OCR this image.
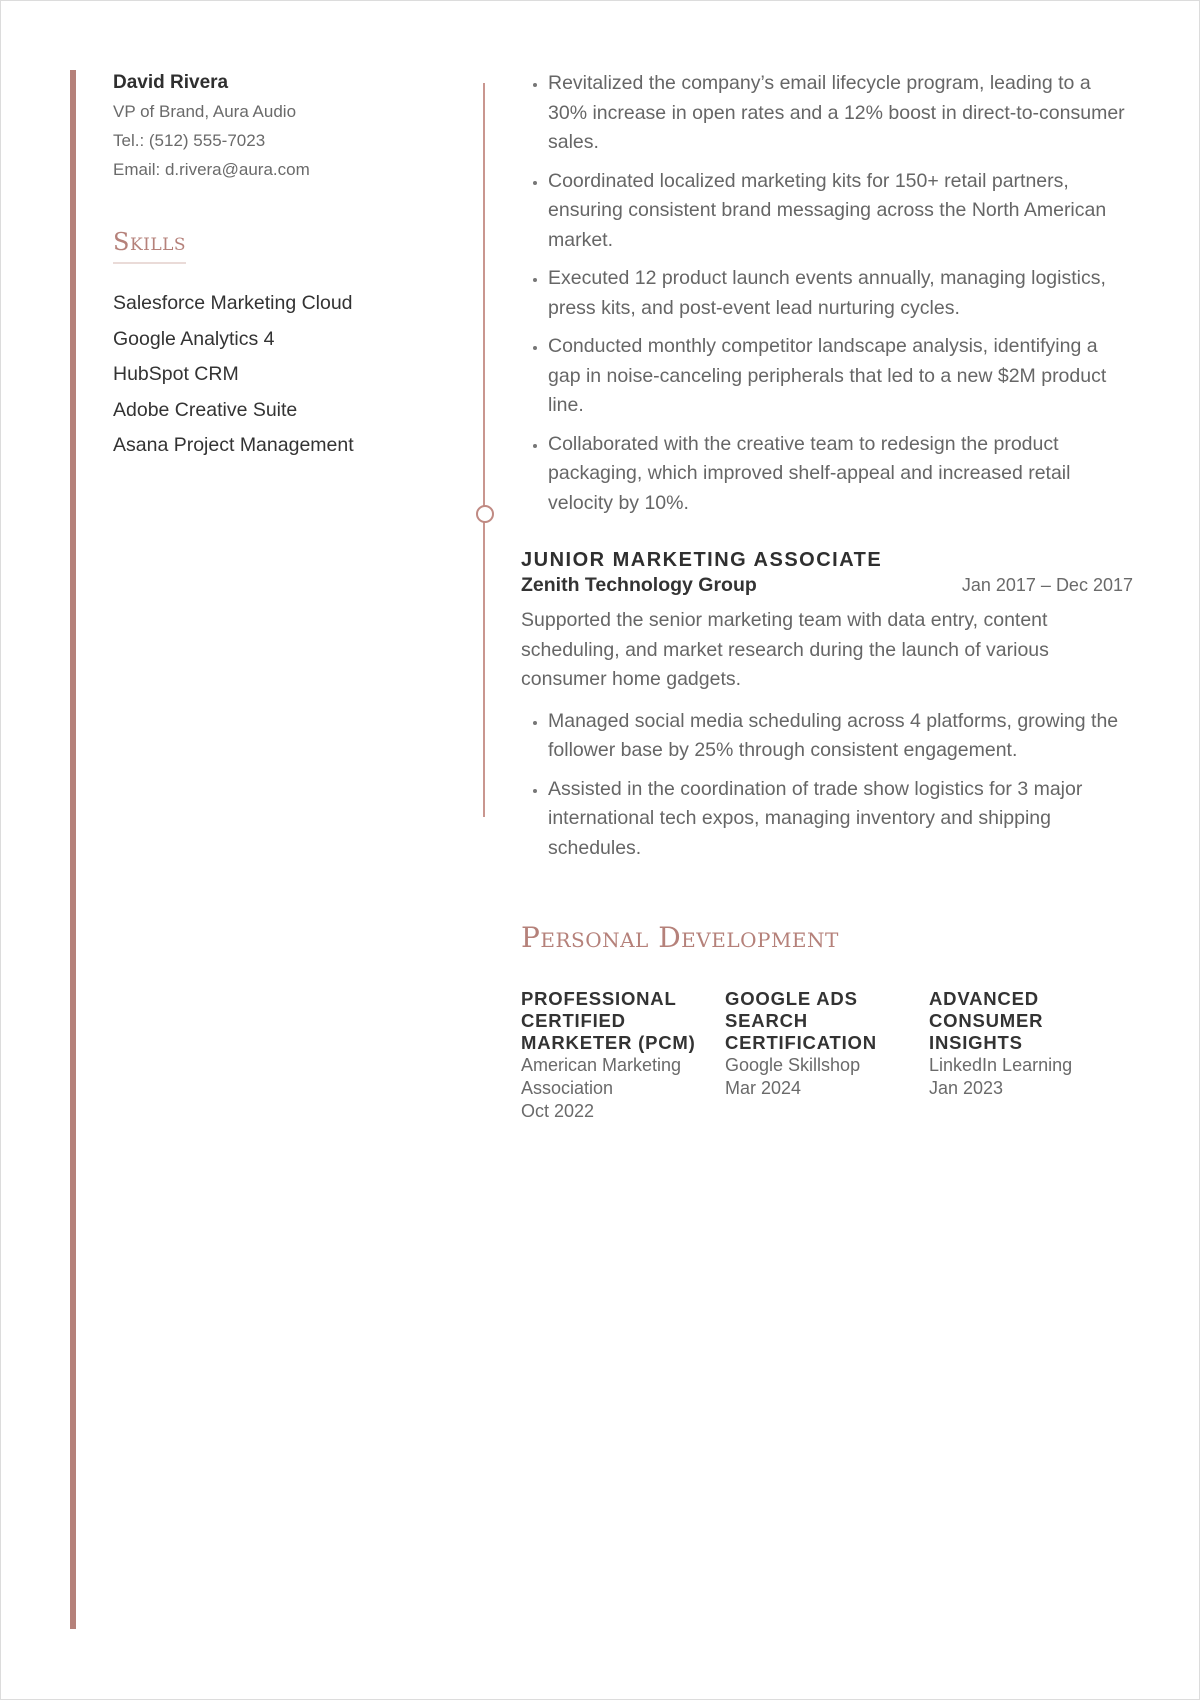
David Rivera
VP of Brand, Aura Audio
Tel.: (512) 555-7023
Email: d.rivera@aura.com
Skills
Salesforce Marketing Cloud
Google Analytics 4
HubSpot CRM
Adobe Creative Suite
Asana Project Management
• Revitalized the company’s email lifecycle program, leading to a 30% increase in open rates and a 12% boost in direct-to-consumer sales.
• Coordinated localized marketing kits for 150+ retail partners, ensuring consistent brand messaging across the North American market.
• Executed 12 product launch events annually, managing logistics, press kits, and post-event lead nurturing cycles.
• Conducted monthly competitor landscape analysis, identifying a gap in noise-canceling peripherals that led to a new $2M product line.
• Collaborated with the creative team to redesign the product packaging, which improved shelf-appeal and increased retail velocity by 10%.
JUNIOR MARKETING ASSOCIATE
Zenith Technology Group	Jan 2017 – Dec 2017

Supported the senior marketing team with data entry, content scheduling, and market research during the launch of various consumer home gadgets.

• Managed social media scheduling across 4 platforms, growing the follower base by 25% through consistent engagement.
• Assisted in the coordination of trade show logistics for 3 major international tech expos, managing inventory and shipping schedules.
Personal Development
PROFESSIONAL CERTIFIED MARKETER (PCM)
American Marketing Association
Oct 2022
GOOGLE ADS SEARCH CERTIFICATION
Google Skillshop
Mar 2024
ADVANCED CONSUMER INSIGHTS
LinkedIn Learning
Jan 2023
